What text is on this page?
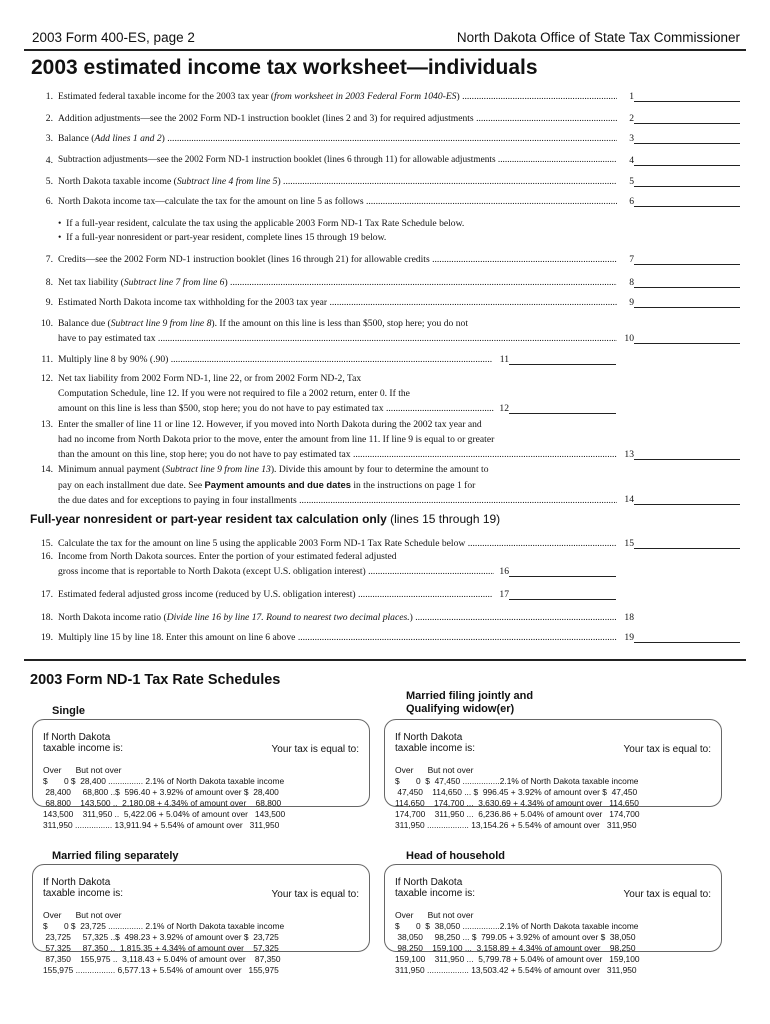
2003 Form 400-ES, page 2	North Dakota Office of State Tax Commissioner
2003 estimated income tax worksheet—individuals
1. Estimated federal taxable income for the 2003 tax year (from worksheet in 2003 Federal Form 1040-ES) .....	1
2. Addition adjustments—see the 2002 Form ND-1 instruction booklet (lines 2 and 3) for required adjustments .....	2
3. Balance (Add lines 1 and 2) .....	3
4. Subtraction adjustments—see the 2002 Form ND-1 instruction booklet (lines 6 through 11) for allowable adjustments .....	4
5. North Dakota taxable income (Subtract line 4 from line 5) .....	5
6. North Dakota income tax—calculate the tax for the amount on line 5 as follows .....	6
•  If a full-year resident, calculate the tax using the applicable 2003 Form ND-1 Tax Rate Schedule below.
•  If a full-year nonresident or part-year resident, complete lines 15 through 19 below.
7. Credits—see the 2002 Form ND-1 instruction booklet (lines 16 through 21) for allowable credits .....	7
8. Net tax liability (Subtract line 7 from line 6) .....	8
9. Estimated North Dakota income tax withholding for the 2003 tax year .....	9
10. Balance due (Subtract line 9 from line 8). If the amount on this line is less than $500, stop here; you do not
have to pay estimated tax .....	10
11. Multiply line 8 by 90% (.90) .....	11
12. Net tax liability from 2002 Form ND-1, line 22, or from 2002 Form ND-2, Tax
Computation Schedule, line 12. If you were not required to file a 2002 return, enter 0. If the
amount on this line is less than $500, stop here; you do not have to pay estimated tax .....	12
13. Enter the smaller of line 11 or line 12. However, if you moved into North Dakota during the 2002 tax year and
had no income from North Dakota prior to the move, enter the amount from line 11. If line 9 is equal to or greater
than the amount on this line, stop here; you do not have to pay estimated tax .....	13
14. Minimum annual payment (Subtract line 9 from line 13). Divide this amount by four to determine the amount to
pay on each installment due date. See Payment amounts and due dates in the instructions on page 1 for
the due dates and for exceptions to paying in four installments .....	14
Full-year nonresident or part-year resident tax calculation only (lines 15 through 19)
15. Calculate the tax for the amount on line 5 using the applicable 2003 Form ND-1 Tax Rate Schedule below .....	15
16. Income from North Dakota sources. Enter the portion of your estimated federal adjusted
gross income that is reportable to North Dakota (except U.S. obligation interest) .....	16
17. Estimated federal adjusted gross income (reduced by U.S. obligation interest) .....	17
18. North Dakota income ratio (Divide line 16 by line 17. Round to nearest two decimal places.) .....	18
19. Multiply line 15 by line 18. Enter this amount on line 6 above .....	19
2003 Form ND-1 Tax Rate Schedules
If North Dakota
taxable income is:	Your tax is equal to:
Over But not over
$       0 $  28,400 ............... 2.1% of North Dakota taxable income
28,400     68,800 ..$  596.40 + 3.92% of amount over $  28,400
68,800    143,500 ..  2,180.08 + 4.34% of amount over    68,800
143,500    311,950 ..  5,422.06 + 5.04% of amount over   143,500
311,950 ................ 13,911.94 + 5.54% of amount over   311,950
Single
If North Dakota
taxable income is:	Your tax is equal to:
Over But not over
$       0  $  47,450 ................2.1% of North Dakota taxable income
47,450    114,650 ... $  996.45 + 3.92% of amount over $  47,450
114,650    174,700 ...  3,630.69 + 4.34% of amount over   114,650
174,700    311,950 ...  6,236.86 + 5.04% of amount over   174,700
311,950 .................. 13,154.26 + 5.54% of amount over   311,950
Married filing jointly and
Qualifying widow(er)
If North Dakota
taxable income is:	Your tax is equal to:
Over But not over
$       0 $  23,725 ............... 2.1% of North Dakota taxable income
23,725     57,325 ..$  498.23 + 3.92% of amount over $  23,725
57,325     87,350 ..  1,815.35 + 4.34% of amount over    57,325
87,350    155,975 ..  3,118.43 + 5.04% of amount over    87,350
155,975 ................. 6,577.13 + 5.54% of amount over   155,975
Married filing separately
If North Dakota
taxable income is:	Your tax is equal to:
Over But not over
$       0  $  38,050 ................2.1% of North Dakota taxable income
38,050     98,250 ... $  799.05 + 3.92% of amount over $  38,050
98,250    159,100 ...  3,158.89 + 4.34% of amount over    98,250
159,100    311,950 ...  5,799.78 + 5.04% of amount over   159,100
311,950 .................. 13,503.42 + 5.54% of amount over   311,950
Head of household
